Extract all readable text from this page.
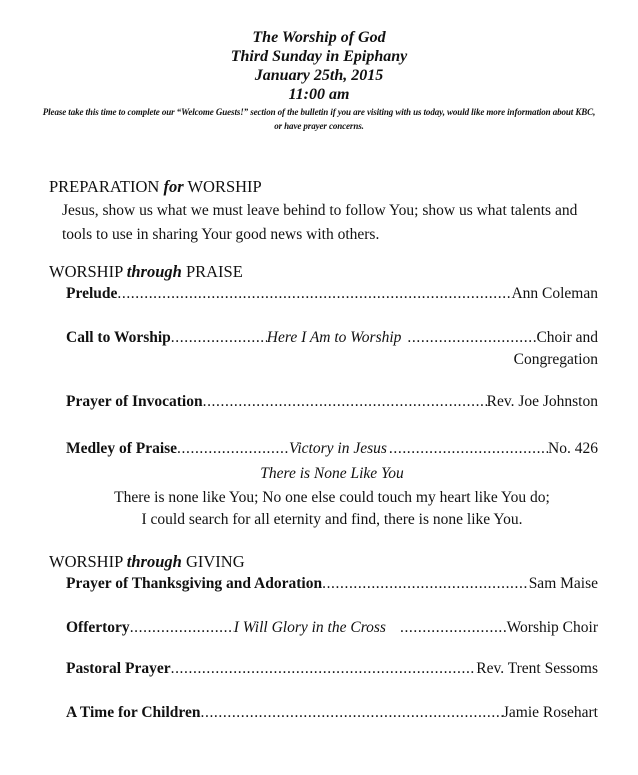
The Worship of God
Third Sunday in Epiphany
January 25th, 2015
11:00 am
Please take this time to complete our “Welcome Guests!” section of the bulletin if you are visiting with us today, would like more information about KBC, or have prayer concerns.
PREPARATION for WORSHIP
Jesus, show us what we must leave behind to follow You; show us what talents and tools to use in sharing Your good news with others.
WORSHIP through PRAISE
Prelude .....	Ann Coleman
Call to Worship .....	Here I Am to Worship .....	Choir and
Congregation
Prayer of Invocation .....	Rev. Joe Johnston
Medley of Praise .....	Victory in Jesus .....	No. 426
There is None Like You
There is none like You; No one else could touch my heart like You do;
I could search for all eternity and find, there is none like You.
WORSHIP through GIVING
Prayer of Thanksgiving and Adoration .....	Sam Maise
Offertory .....	I Will Glory in the Cross .....	Worship Choir
Pastoral Prayer .....	Rev. Trent Sessoms
A Time for Children .....	Jamie Rosehart
